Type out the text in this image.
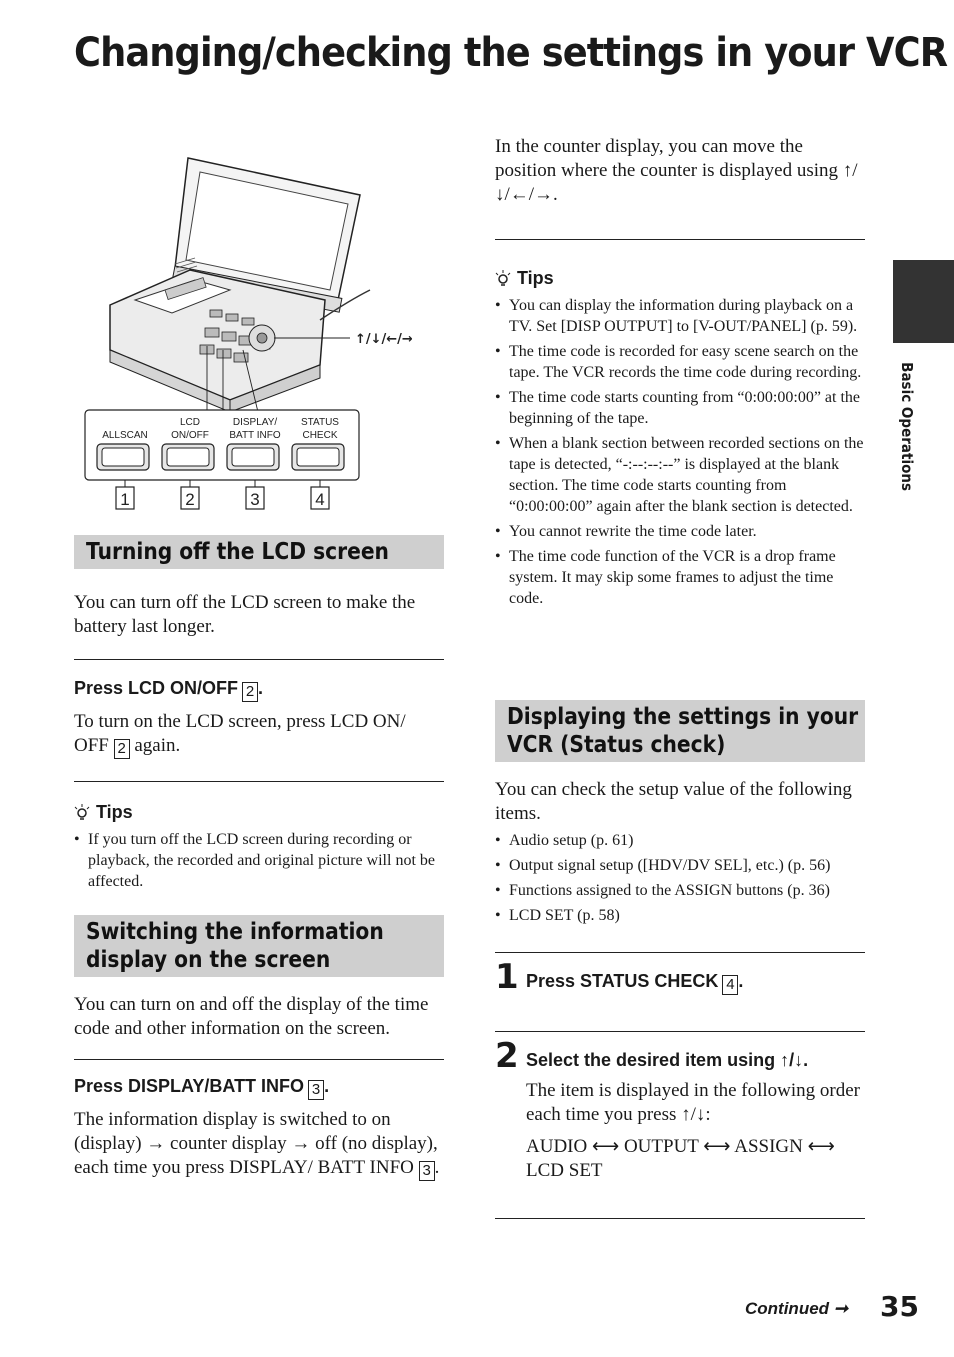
Changing/checking the settings in your VCR
Basic Operations
↑/↓/←/→
ALLSCAN
LCD
ON/OFF
DISPLAY/
BATT INFO
STATUS
CHECK
1	2	3	4
Turning off the LCD screen

You can turn off the LCD screen to make the battery last longer.

Press LCD ON/OFF 2 .

To turn on the LCD screen, press LCD ON/ OFF 2 again.

Tips
• If you turn off the LCD screen during recording or playback, the recorded and original picture will not be affected.
Switching the information
display on the screen

You can turn on and off the display of the time code and other information on the screen.

Press DISPLAY/BATT INFO 3 .

The information display is switched to on (display) → counter display → off (no display), each time you press DISPLAY/ BATT INFO 3 .

In the counter display, you can move the position where the counter is displayed using ↑/↓/←/→.

Tips
• You can display the information during playback on a TV. Set [DISP OUTPUT] to [V-OUT/PANEL] (p. 59).
• The time code is recorded for easy scene search on the tape. The VCR records the time code during recording.
• The time code starts counting from “0:00:00:00” at the beginning of the tape.
• When a blank section between recorded sections on the tape is detected, “-:--:--:--” is displayed at the blank section. The time code starts counting from “0:00:00:00” again after the blank section is detected.
• You cannot rewrite the time code later.
• The time code function of the VCR is a drop frame system. It may skip some frames to adjust the time code.
Displaying the settings in your
VCR (Status check)

You can check the setup value of the following items.

• Audio setup (p. 61)
• Output signal setup ([HDV/DV SEL], etc.) (p. 56)
• Functions assigned to the ASSIGN buttons (p. 36)
• LCD SET (p. 58)
1 Press STATUS CHECK 4 .
2 Select the desired item using ↑/↓.

The item is displayed in the following order each time you press ↑/↓:

AUDIO ⟷ OUTPUT ⟷ ASSIGN ⟷ LCD SET

Continued ➞ 35
